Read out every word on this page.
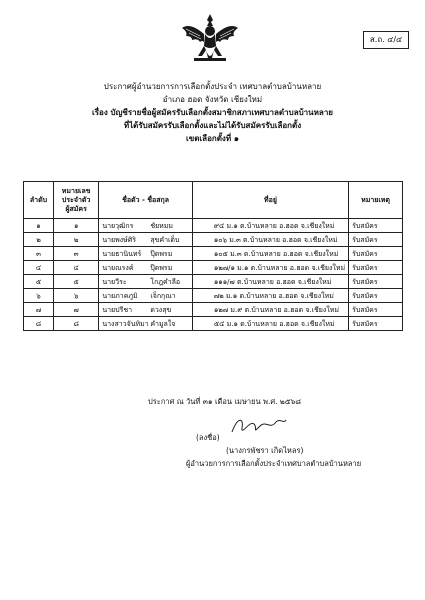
ส.ถ. ๔/๔
ประกาศผู้อำนวยการการเลือกตั้งประจำ เทศบาลตำบลบ้านหลาย
อำเภอ ฮอด จังหวัด เชียงใหม่
เรื่อง บัญชีรายชื่อผู้สมัครรับเลือกตั้งสมาชิกสภาเทศบาลตำบลบ้านหลาย
ที่ได้รับสมัครรับเลือกตั้งและไม่ได้รับสมัครรับเลือกตั้ง
เขตเลือกตั้งที่ ๑
ลำดับ	หมายเลข
ประจำตัว
ผู้สมัคร	ชื่อตัว - ชื่อสกุล	ที่อยู่	หมายเหตุ
๑	๑	นายวุฒิกร ชัยหมม	๙๔ ม.๑ ต.บ้านหลาย อ.ฮอด จ.เชียงใหม่	รับสมัคร
๒	๒	นายพงษ์ศิริ สุขคำเต็บ	๑๐๖ ม.๓ ต.บ้านหลาย อ.ฮอด จ.เชียงใหม่	รับสมัคร
๓	๓	นายธานินทร์ ปุ๊ดพรม	๑๐๕ ม.๓ ต.บ้านหลาย อ.ฮอด จ.เชียงใหม่	รับสมัคร
๔	๔	นายณรงค์ ปุ๊ดพรม	๑๒๗/๑ ม.๑ ต.บ้านหลาย อ.ฮอด จ.เชียงใหม่	รับสมัคร
๕	๕	นายวีระ โกฎคำลือ	๑๑๑/๗ ต.บ้านหลาย อ.ฮอด จ.เชียงใหม่	รับสมัคร
๖	๖	นายภาคภูมิ เจ็กกุณา	๗๒ ม.๑ ต.บ้านหลาย อ.ฮอด จ.เชียงใหม่	รับสมัคร
๗	๗	นายปรีชา ดวงสุข	๑๒๗ ม.๙ ต.บ้านหลาย อ.ฮอด จ.เชียงใหม่	รับสมัคร
๘	๘	นางสาวจันทิมา คำมูลใจ	๕๔ ม.๑ ต.บ้านหลาย อ.ฮอด จ.เชียงใหม่	รับสมัคร
ประกาศ ณ วันที่ ๓๑ เดือน เมษายน พ.ศ. ๒๕๖๘
(ลงชื่อ)
(นางกรพัชรา เกิดไหลร)
ผู้อำนวยการการเลือกตั้งประจำเทศบาลตำบลบ้านหลาย
